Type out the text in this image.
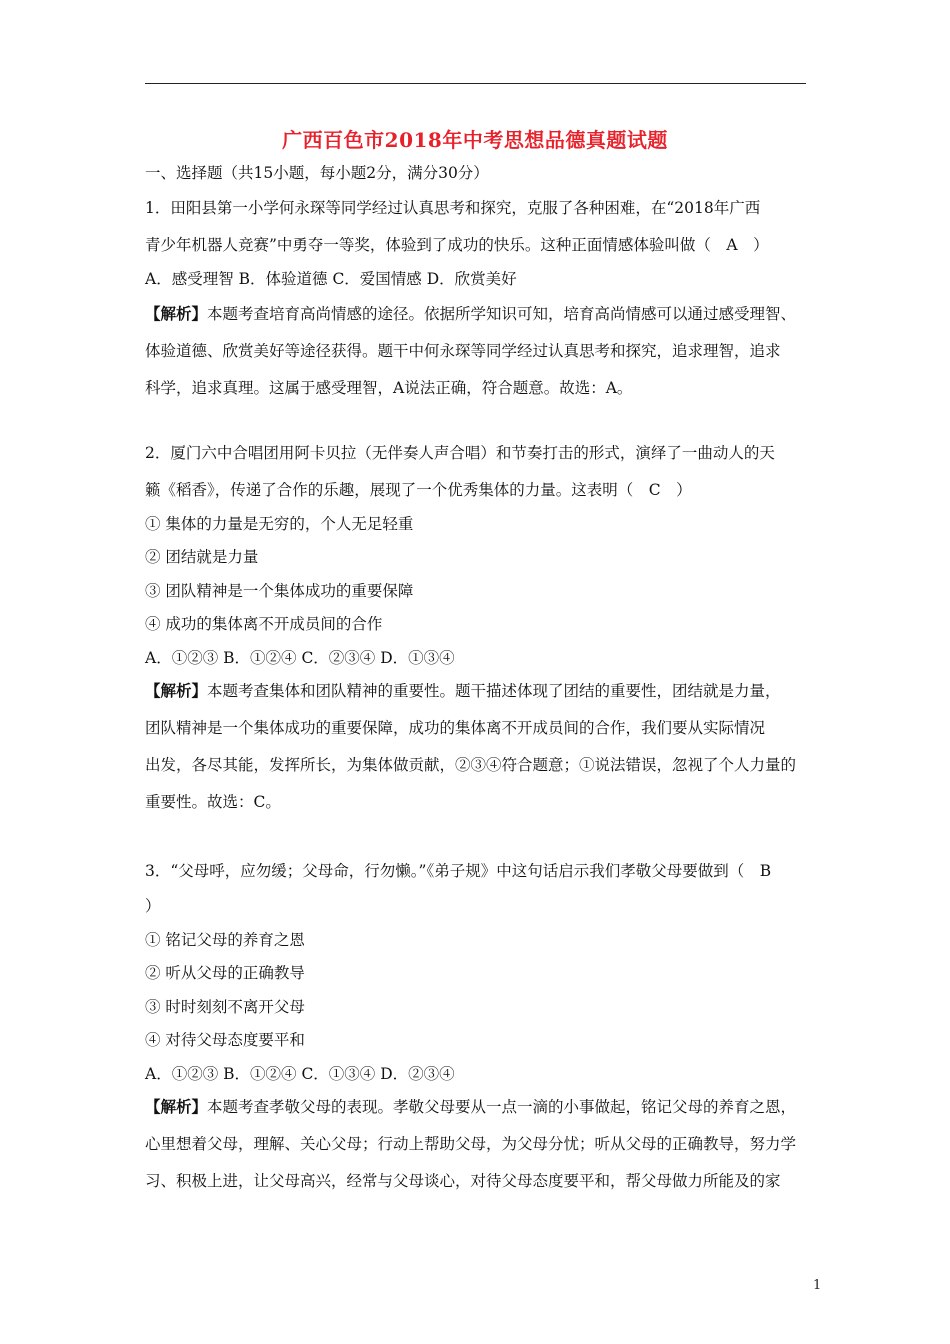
广西百色市2018年中考思想品德真题试题
一、选择题（共15小题，每小题2分，满分30分）
1．田阳县第一小学何永琛等同学经过认真思考和探究，克服了各种困难，在“2018年广西
青少年机器人竞赛”中勇夺一等奖，体验到了成功的快乐。这种正面情感体验叫做（　A　）
A．感受理智 B．体验道德 C．爱国情感 D．欣赏美好
【解析】本题考查培育高尚情感的途径。依据所学知识可知，培育高尚情感可以通过感受理智、
体验道德、欣赏美好等途径获得。题干中何永琛等同学经过认真思考和探究，追求理智，追求
科学，追求真理。这属于感受理智，A说法正确，符合题意。故选：A。
2．厦门六中合唱团用阿卡贝拉（无伴奏人声合唱）和节奏打击的形式，演绎了一曲动人的天
籁《稻香》，传递了合作的乐趣，展现了一个优秀集体的力量。这表明（　C　）
① 集体的力量是无穷的，个人无足轻重
② 团结就是力量
③ 团队精神是一个集体成功的重要保障
④ 成功的集体离不开成员间的合作
A．①②③ B．①②④ C．②③④ D．①③④
【解析】本题考查集体和团队精神的重要性。题干描述体现了团结的重要性，团结就是力量，
团队精神是一个集体成功的重要保障，成功的集体离不开成员间的合作，我们要从实际情况
出发，各尽其能，发挥所长，为集体做贡献，②③④符合题意；①说法错误，忽视了个人力量的
重要性。故选：C。
3．“父母呼，应勿缓；父母命，行勿懒。”《弟子规》中这句话启示我们孝敬父母要做到（　B
）
① 铭记父母的养育之恩
② 听从父母的正确教导
③ 时时刻刻不离开父母
④ 对待父母态度要平和
A．①②③ B．①②④ C．①③④ D．②③④
【解析】本题考查孝敬父母的表现。孝敬父母要从一点一滴的小事做起，铭记父母的养育之恩，
心里想着父母，理解、关心父母；行动上帮助父母，为父母分忧；听从父母的正确教导，努力学
习、积极上进，让父母高兴，经常与父母谈心，对待父母态度要平和，帮父母做力所能及的家
1
